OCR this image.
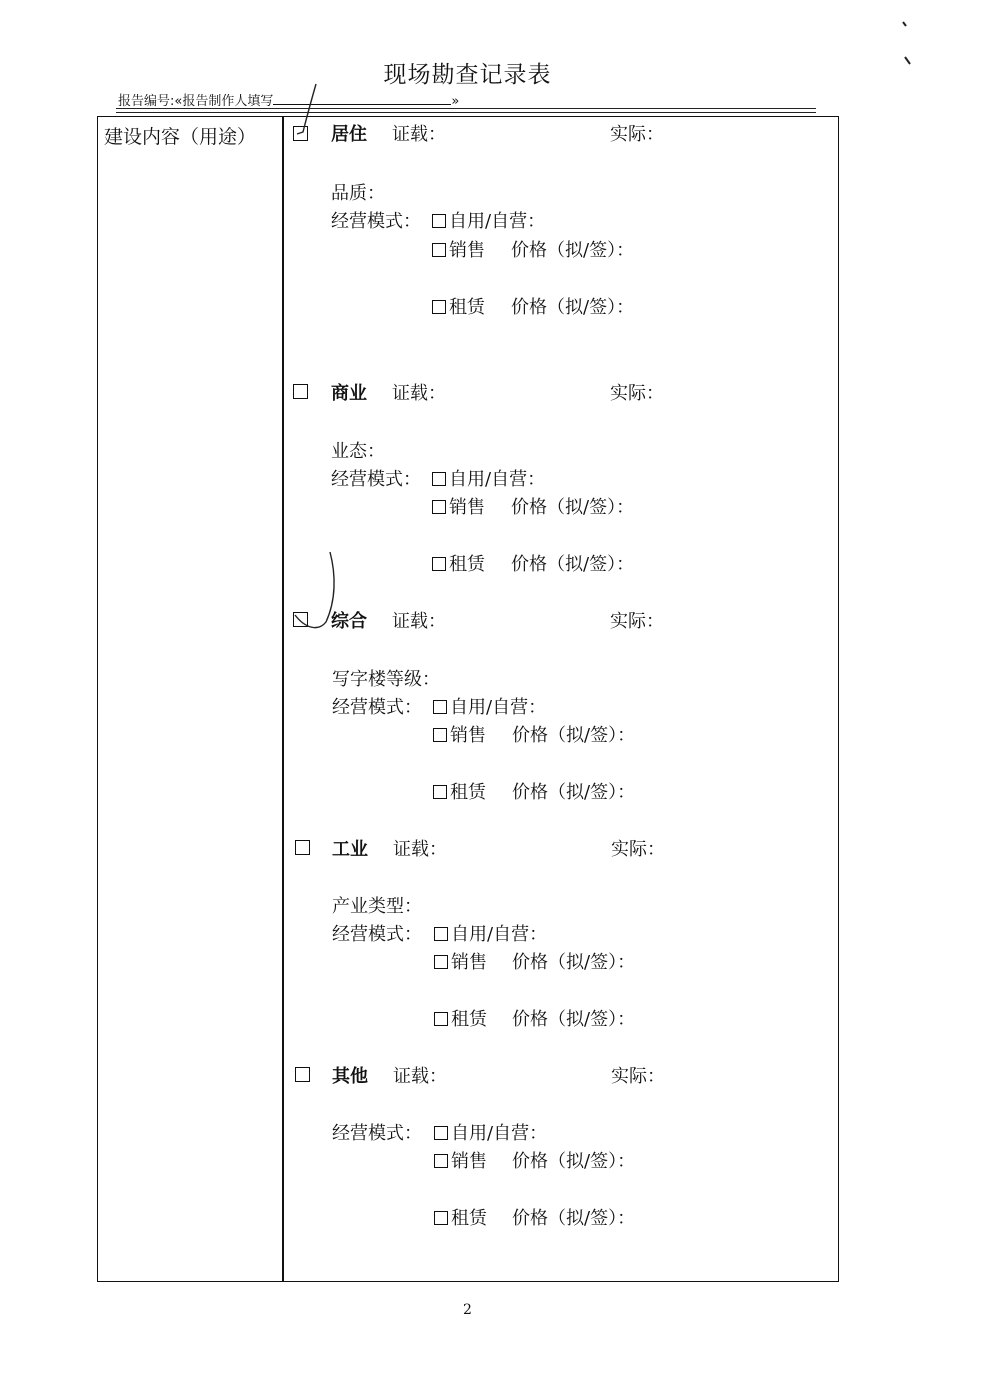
现场勘查记录表
报告编号:«报告制作人填写	»
建设内容（用途）	居住 证载：	实际：
品质：
经营模式：	自用/自营：
销售 价格（拟/签）：
租赁 价格（拟/签）：
商业 证载：	实际：
业态：
经营模式：	自用/自营：
销售 价格（拟/签）：
租赁 价格（拟/签）：
综合 证载：	实际：
写字楼等级：
经营模式：	自用/自营：
销售 价格（拟/签）：
租赁 价格（拟/签）：
工业 证载：	实际：
产业类型：
经营模式：	自用/自营：
销售 价格（拟/签）：
租赁 价格（拟/签）：
其他 证载：	实际：
经营模式：	自用/自营：
销售 价格（拟/签）：
租赁 价格（拟/签）：
2
